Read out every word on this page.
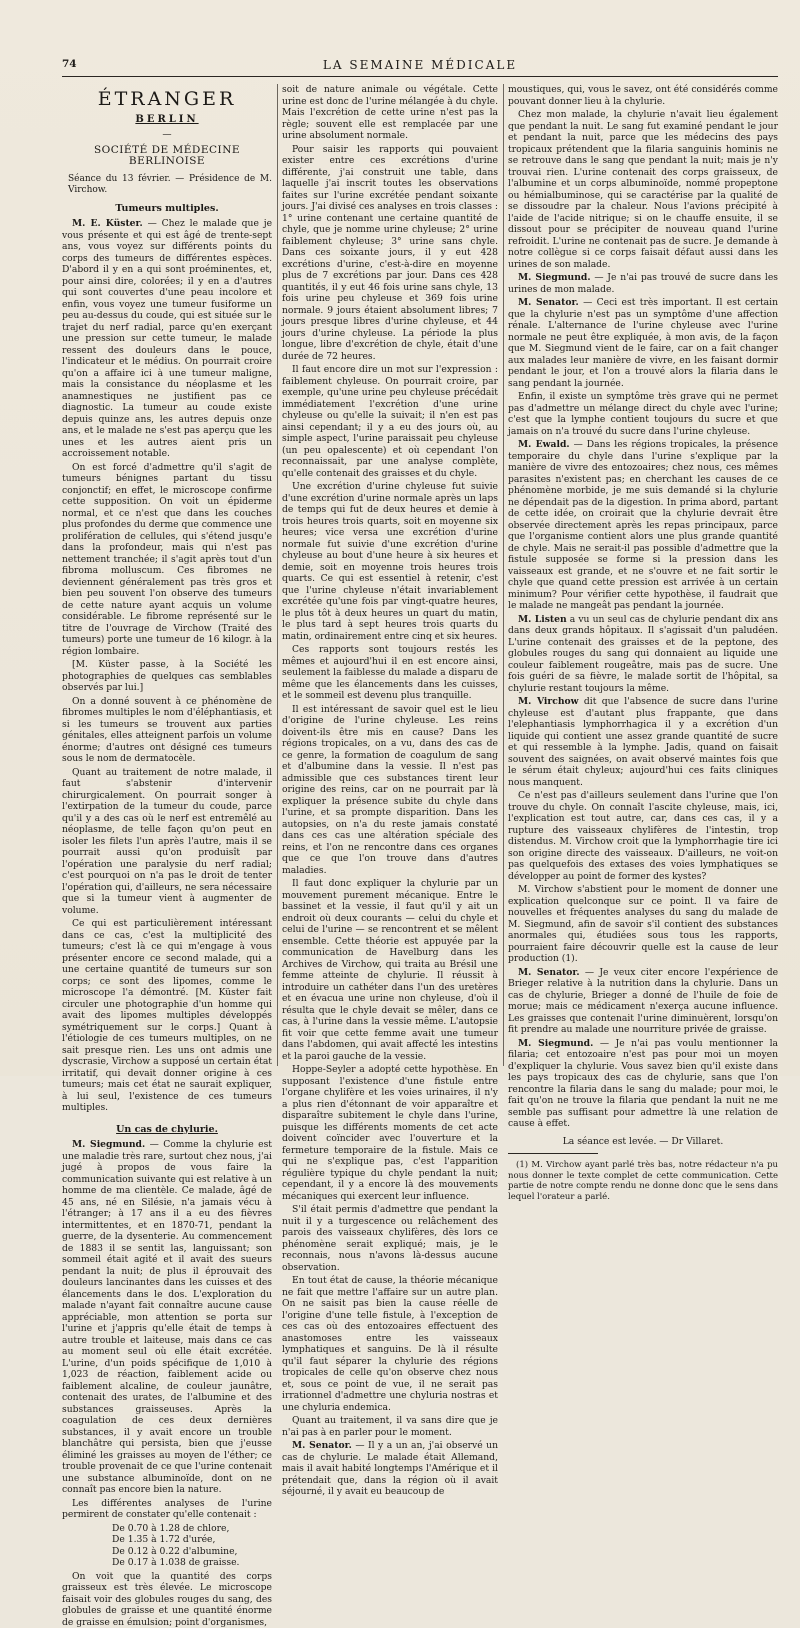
74	LA SEMAINE MÉDICALE
ÉTRANGER
BERLIN
—
SOCIÉTÉ DE MÉDECINE BERLINOISE
Séance du 13 février. — Présidence de M. Virchow.
Tumeurs multiples.

M. E. Küster. — Chez le malade que je vous présente et qui est âgé de trente-sept ans, vous voyez sur différents points du corps des tumeurs de différentes espèces. D'abord il y en a qui sont proéminentes, et, pour ainsi dire, colorées; il y en a d'autres qui sont couvertes d'une peau incolore et enfin, vous voyez une tumeur fusiforme un peu au-dessus du coude, qui est située sur le trajet du nerf radial, parce qu'en exerçant une pression sur cette tumeur, le malade ressent des douleurs dans le pouce, l'indicateur et le médius. On pourrait croire qu'on a affaire ici à une tumeur maligne, mais la consistance du néoplasme et les anamnestiques ne justifient pas ce diagnostic. La tumeur au coude existe depuis quinze ans, les autres depuis onze ans, et le malade ne s'est pas aperçu que les unes et les autres aient pris un accroissement notable.

On est forcé d'admettre qu'il s'agit de tumeurs bénignes partant du tissu conjonctif; en effet, le microscope confirme cette supposition. On voit un épiderme normal, et ce n'est que dans les couches plus profondes du derme que commence une prolifération de cellules, qui s'étend jusqu'e dans la profondeur, mais qui n'est pas nettement tranchée; il s'agit après tout d'un fibroma molluscum. Ces fibromes ne deviennent généralement pas très gros et bien peu souvent l'on observe des tumeurs de cette nature ayant acquis un volume considérable. Le fibrome représenté sur le titre de l'ouvrage de Virchow (Traité des tumeurs) porte une tumeur de 16 kilogr. à la région lombaire.

[M. Küster passe, à la Société les photographies de quelques cas semblables observés par lui.]

On a donné souvent à ce phénomène de fibromes multiples le nom d'éléphantiasis, et si les tumeurs se trouvent aux parties génitales, elles atteignent parfois un volume énorme; d'autres ont désigné ces tumeurs sous le nom de dermatocèle.

Quant au traitement de notre malade, il faut s'abstenir d'intervenir chirurgicalement. On pourrait songer à l'extirpation de la tumeur du coude, parce qu'il y a des cas où le nerf est entremêlé au néoplasme, de telle façon qu'on peut en isoler les filets l'un après l'autre, mais il se pourrait aussi qu'on produisît par l'opération une paralysie du nerf radial; c'est pourquoi on n'a pas le droit de tenter l'opération qui, d'ailleurs, ne sera nécessaire que si la tumeur vient à augmenter de volume.

Ce qui est particulièrement intéressant dans ce cas, c'est la multiplicité des tumeurs; c'est là ce qui m'engage à vous présenter encore ce second malade, qui a une certaine quantité de tumeurs sur son corps; ce sont des lipomes, comme le microscope l'a démontré. [M. Küster fait circuler une photographie d'un homme qui avait des lipomes multiples développés symétriquement sur le corps.] Quant à l'étiologie de ces tumeurs multiples, on ne sait presque rien. Les uns ont admis une dyscrasie, Virchow a supposé un certain état irritatif, qui devait donner origine à ces tumeurs; mais cet état ne saurait expliquer, à lui seul, l'existence de ces tumeurs multiples.

Un cas de chylurie.

M. Siegmund. — Comme la chylurie est une maladie très rare, surtout chez nous, j'ai jugé à propos de vous faire la communication suivante qui est relative à un homme de ma clientèle. Ce malade, âgé de 45 ans, né en Silésie, n'a jamais vécu à l'étranger; à 17 ans il a eu des fièvres intermittentes, et en 1870-71, pendant la guerre, de la dysenterie. Au commencement de 1883 il se sentit las, languissant; son sommeil était agité et il avait des sueurs pendant la nuit; de plus il éprouvait des douleurs lancinantes dans les cuisses et des élancements dans le dos. L'exploration du malade n'ayant fait connaître aucune cause appréciable, mon attention se porta sur l'urine et j'appris qu'elle était de temps à autre trouble et laiteuse, mais dans ce cas au moment seul où elle était excrétée. L'urine, d'un poids spécifique de 1,010 à 1,023 de réaction, faiblement acide ou faiblement alcaline, de couleur jaunâtre, contenait des urates, de l'albumine et des substances graisseuses. Après la coagulation de ces deux dernières substances, il y avait encore un trouble blanchâtre qui persista, bien que j'eusse éliminé les graisses au moyen de l'éther; ce trouble provenait de ce que l'urine contenait une substance albuminoïde, dont on ne connaît pas encore bien la nature.

Les différentes analyses de l'urine permirent de constater qu'elle contenait :

De 0.70 à 1.28 de chlore,
De 1.35 à 1.72 d'urée,
De 0.12 à 0.22 d'albumine,
De 0.17 à 1.038 de graisse.

On voit que la quantité des corps graisseux est très élevée. Le microscope faisait voir des globules rouges du sang, des globules de graisse et une quantité énorme de graisse en émulsion; point d'organismes,

soit de nature animale ou végétale. Cette urine est donc de l'urine mélangée à du chyle. Mais l'excrétion de cette urine n'est pas la règle; souvent elle est remplacée par une urine absolument normale.

Pour saisir les rapports qui pouvaient exister entre ces excrétions d'urine différente, j'ai construit une table, dans laquelle j'ai inscrit toutes les observations faites sur l'urine excrétée pendant soixante jours. J'ai divisé ces analyses en trois classes : 1° urine contenant une certaine quantité de chyle, que je nomme urine chyleuse; 2° urine faiblement chyleuse; 3° urine sans chyle. Dans ces soixante jours, il y eut 428 excrétions d'urine, c'est-à-dire en moyenne plus de 7 excrétions par jour. Dans ces 428 quantités, il y eut 46 fois urine sans chyle, 13 fois urine peu chyleuse et 369 fois urine normale. 9 jours étaient absolument libres; 7 jours presque libres d'urine chyleuse, et 44 jours d'urine chyleuse. La période la plus longue, libre d'excrétion de chyle, était d'une durée de 72 heures.

Il faut encore dire un mot sur l'expression : faiblement chyleuse. On pourrait croire, par exemple, qu'une urine peu chyleuse précédait immédiatement l'excrétion d'une urine chyleuse ou qu'elle la suivait; il n'en est pas ainsi cependant; il y a eu des jours où, au simple aspect, l'urine paraissait peu chyleuse (un peu opalescente) et où cependant l'on reconnaissait, par une analyse complète, qu'elle contenait des graisses et du chyle.

Une excrétion d'urine chyleuse fut suivie d'une excrétion d'urine normale après un laps de temps qui fut de deux heures et demie à trois heures trois quarts, soit en moyenne six heures; vice versa une excrétion d'urine normale fut suivie d'une excrétion d'urine chyleuse au bout d'une heure à six heures et demie, soit en moyenne trois heures trois quarts. Ce qui est essentiel à retenir, c'est que l'urine chyleuse n'était invariablement excrétée qu'une fois par vingt-quatre heures, le plus tôt à deux heures un quart du matin, le plus tard à sept heures trois quarts du matin, ordinairement entre cinq et six heures.

Ces rapports sont toujours restés les mêmes et aujourd'hui il en est encore ainsi, seulement la faiblesse du malade a disparu de même que les élancements dans les cuisses, et le sommeil est devenu plus tranquille.

Il est intéressant de savoir quel est le lieu d'origine de l'urine chyleuse. Les reins doivent-ils être mis en cause? Dans les régions tropicales, on a vu, dans des cas de ce genre, la formation de coagulum de sang et d'albumine dans la vessie. Il n'est pas admissible que ces substances tirent leur origine des reins, car on ne pourrait par là expliquer la présence subite du chyle dans l'urine, et sa prompte disparition. Dans les autopsies, on n'a du reste jamais constaté dans ces cas une altération spéciale des reins, et l'on ne rencontre dans ces organes que ce que l'on trouve dans d'autres maladies.

Il faut donc expliquer la chylurie par un mouvement purement mécanique. Entre le bassinet et la vessie, il faut qu'il y ait un endroit où deux courants — celui du chyle et celui de l'urine — se rencontrent et se mêlent ensemble. Cette théorie est appuyée par la communication de Havelburg dans les Archives de Virchow, qui traita au Brésil une femme atteinte de chylurie. Il réussit à introduire un cathéter dans l'un des uretères et en évacua une urine non chyleuse, d'où il résulta que le chyle devait se mêler, dans ce cas, à l'urine dans la vessie même. L'autopsie fit voir que cette femme avait une tumeur dans l'abdomen, qui avait affecté les intestins et la paroi gauche de la vessie.

Hoppe-Seyler a adopté cette hypothèse. En supposant l'existence d'une fistule entre l'organe chylifère et les voies urinaires, il n'y a plus rien d'étonnant de voir apparaître et disparaître subitement le chyle dans l'urine, puisque les différents moments de cet acte doivent coïncider avec l'ouverture et la fermeture temporaire de la fistule. Mais ce qui ne s'explique pas, c'est l'apparition régulière typique du chyle pendant la nuit; cependant, il y a encore là des mouvements mécaniques qui exercent leur influence.

S'il était permis d'admettre que pendant la nuit il y a turgescence ou relâchement des parois des vaisseaux chylifères, dès lors ce phénomène serait expliqué; mais, je le reconnais, nous n'avons là-dessus aucune observation.

En tout état de cause, la théorie mécanique ne fait que mettre l'affaire sur un autre plan. On ne saisit pas bien la cause réelle de l'origine d'une telle fistule, à l'exception de ces cas où des entozoaires effectuent des anastomoses entre les vaisseaux lymphatiques et sanguins. De là il résulte qu'il faut séparer la chylurie des régions tropicales de celle qu'on observe chez nous et, sous ce point de vue, il ne serait pas irrationnel d'admettre une chyluria nostras et une chyluria endemica.

Quant au traitement, il va sans dire que je n'ai pas à en parler pour le moment.

M. Senator. — Il y a un an, j'ai observé un cas de chylurie. Le malade était Allemand, mais il avait habité longtemps l'Amérique et il prétendait que, dans la région où il avait séjourné, il y avait eu beaucoup de

moustiques, qui, vous le savez, ont été considérés comme pouvant donner lieu à la chylurie.

Chez mon malade, la chylurie n'avait lieu également que pendant la nuit. Le sang fut examiné pendant le jour et pendant la nuit, parce que les médecins des pays tropicaux prétendent que la filaria sanguinis hominis ne se retrouve dans le sang que pendant la nuit; mais je n'y trouvai rien. L'urine contenait des corps graisseux, de l'albumine et un corps albuminoïde, nommé propeptone ou hémialbuminose, qui se caractérise par la qualité de se dissoudre par la chaleur. Nous l'avions précipité à l'aide de l'acide nitrique; si on le chauffe ensuite, il se dissout pour se précipiter de nouveau quand l'urine refroidit. L'urine ne contenait pas de sucre. Je demande à notre collègue si ce corps faisait défaut aussi dans les urines de son malade.

M. Siegmund. — Je n'ai pas trouvé de sucre dans les urines de mon malade.

M. Senator. — Ceci est très important. Il est certain que la chylurie n'est pas un symptôme d'une affection rénale. L'alternance de l'urine chyleuse avec l'urine normale ne peut être expliquée, à mon avis, de la façon que M. Siegmund vient de le faire, car on a fait changer aux malades leur manière de vivre, en les faisant dormir pendant le jour, et l'on a trouvé alors la filaria dans le sang pendant la journée.

Enfin, il existe un symptôme très grave qui ne permet pas d'admettre un mélange direct du chyle avec l'urine; c'est que la lymphe contient toujours du sucre et que jamais on n'a trouvé du sucre dans l'urine chyleuse.

M. Ewald. — Dans les régions tropicales, la présence temporaire du chyle dans l'urine s'explique par la manière de vivre des entozoaires; chez nous, ces mêmes parasites n'existent pas; en cherchant les causes de ce phénomène morbide, je me suis demandé si la chylurie ne dépendait pas de la digestion. In prima abord, partant de cette idée, on croirait que la chylurie devrait être observée directement après les repas principaux, parce que l'organisme contient alors une plus grande quantité de chyle. Mais ne serait-il pas possible d'admettre que la fistule supposée se forme si la pression dans les vaisseaux est grande, et ne s'ouvre et ne fait sortir le chyle que quand cette pression est arrivée à un certain minimum? Pour vérifier cette hypothèse, il faudrait que le malade ne mangeât pas pendant la journée.

M. Listen a vu un seul cas de chylurie pendant dix ans dans deux grands hôpitaux. Il s'agissait d'un paludéen. L'urine contenait des graisses et de la peptone, des globules rouges du sang qui donnaient au liquide une couleur faiblement rougeâtre, mais pas de sucre. Une fois guéri de sa fièvre, le malade sortit de l'hôpital, sa chylurie restant toujours la même.

M. Virchow dit que l'absence de sucre dans l'urine chyleuse est d'autant plus frappante, que dans l'elephantiasis lymphorrhagica il y a excrétion d'un liquide qui contient une assez grande quantité de sucre et qui ressemble à la lymphe. Jadis, quand on faisait souvent des saignées, on avait observé maintes fois que le sérum était chyleux; aujourd'hui ces faits cliniques nous manquent.

Ce n'est pas d'ailleurs seulement dans l'urine que l'on trouve du chyle. On connaît l'ascite chyleuse, mais, ici, l'explication est tout autre, car, dans ces cas, il y a rupture des vaisseaux chylifères de l'intestin, trop distendus. M. Virchow croit que la lymphorrhagie tire ici son origine directe des vaisseaux. D'ailleurs, ne voit-on pas quelquefois des extases des voies lymphatiques se développer au point de former des kystes?

M. Virchow s'abstient pour le moment de donner une explication quelconque sur ce point. Il va faire de nouvelles et fréquentes analyses du sang du malade de M. Siegmund, afin de savoir s'il contient des substances anormales qui, étudiées sous tous les rapports, pourraient faire découvrir quelle est la cause de leur production (1).

M. Senator. — Je veux citer encore l'expérience de Brieger relative à la nutrition dans la chylurie. Dans un cas de chylurie, Brieger a donné de l'huile de foie de morue; mais ce médicament n'exerça aucune influence. Les graisses que contenait l'urine diminuèrent, lorsqu'on fit prendre au malade une nourriture privée de graisse.

M. Siegmund. — Je n'ai pas voulu mentionner la filaria; cet entozoaire n'est pas pour moi un moyen d'expliquer la chylurie. Vous savez bien qu'il existe dans les pays tropicaux des cas de chylurie, sans que l'on rencontre la filaria dans le sang du malade; pour moi, le fait qu'on ne trouve la filaria que pendant la nuit ne me semble pas suffisant pour admettre là une relation de cause à effet.

La séance est levée. — Dr Villaret.

(1) M. Virchow ayant parlé très bas, notre rédacteur n'a pu nous donner le texte complet de cette communication. Cette partie de notre compte rendu ne donne donc que le sens dans lequel l'orateur a parlé.
